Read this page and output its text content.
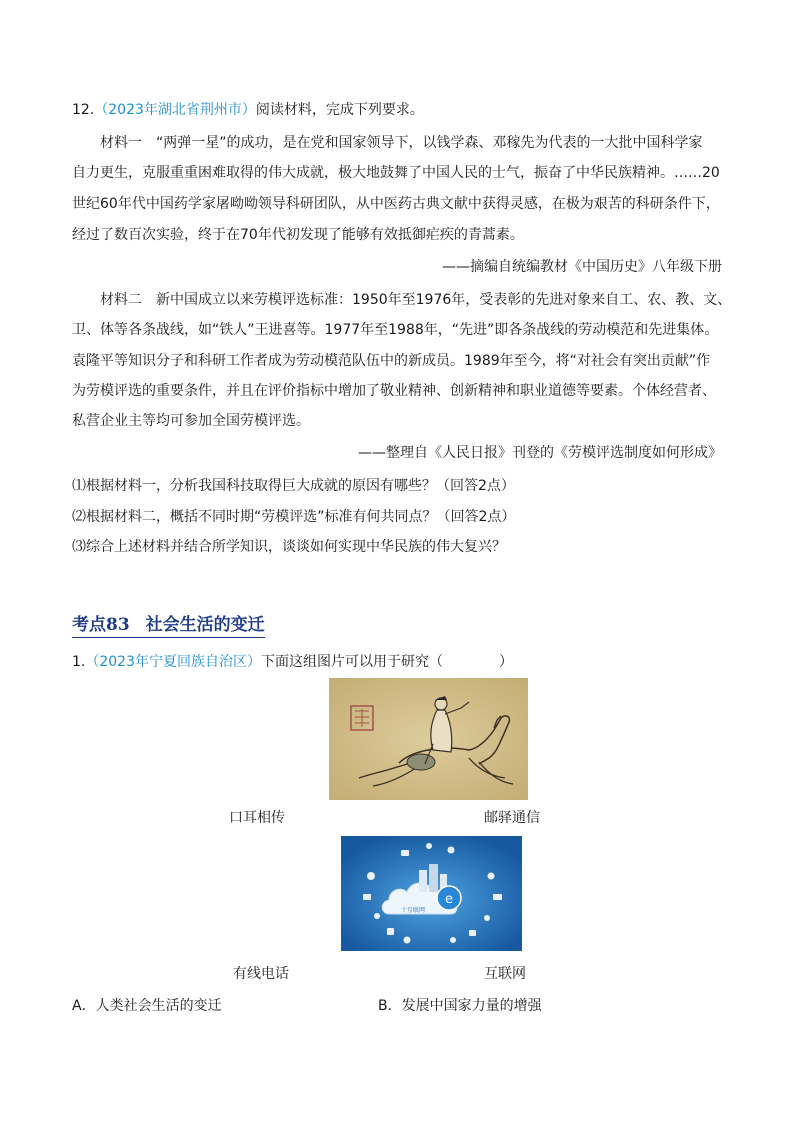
12.（2023年湖北省荆州市）阅读材料，完成下列要求。
材料一　“两弹一星”的成功，是在党和国家领导下，以钱学森、邓稼先为代表的一大批中国科学家
自力更生，克服重重困难取得的伟大成就，极大地鼓舞了中国人民的士气，振奋了中华民族精神。……20
世纪60年代中国药学家屠呦呦领导科研团队，从中医药古典文献中获得灵感，在极为艰苦的科研条件下，
经过了数百次实验，终于在70年代初发现了能够有效抵御疟疾的青蒿素。
——摘编自统编教材《中国历史》八年级下册
材料二　新中国成立以来劳模评选标准：1950年至1976年，受表彰的先进对象来自工、农、教、文、
卫、体等各条战线，如“铁人”王进喜等。1977年至1988年，“先进”即各条战线的劳动模范和先进集体。
袁隆平等知识分子和科研工作者成为劳动模范队伍中的新成员。1989年至今，将“对社会有突出贡献”作
为劳模评选的重要条件，并且在评价指标中增加了敬业精神、创新精神和职业道德等要素。个体经营者、
私营企业主等均可参加全国劳模评选。
——整理自《人民日报》刊登的《劳模评选制度如何形成》
⑴根据材料一，分析我国科技取得巨大成就的原因有哪些？（回答2点）
⑵根据材料二，概括不同时期“劳模评选”标准有何共同点？（回答2点）
⑶综合上述材料并结合所学知识，谈谈如何实现中华民族的伟大复兴？
考点83 社会生活的变迁
1.（2023年宁夏回族自治区）下面这组图片可以用于研究（　　　　）
口耳相传	邮驿通信
e
十互联网
有线电话	互联网
A．人类社会生活的变迁	B．发展中国家力量的增强
